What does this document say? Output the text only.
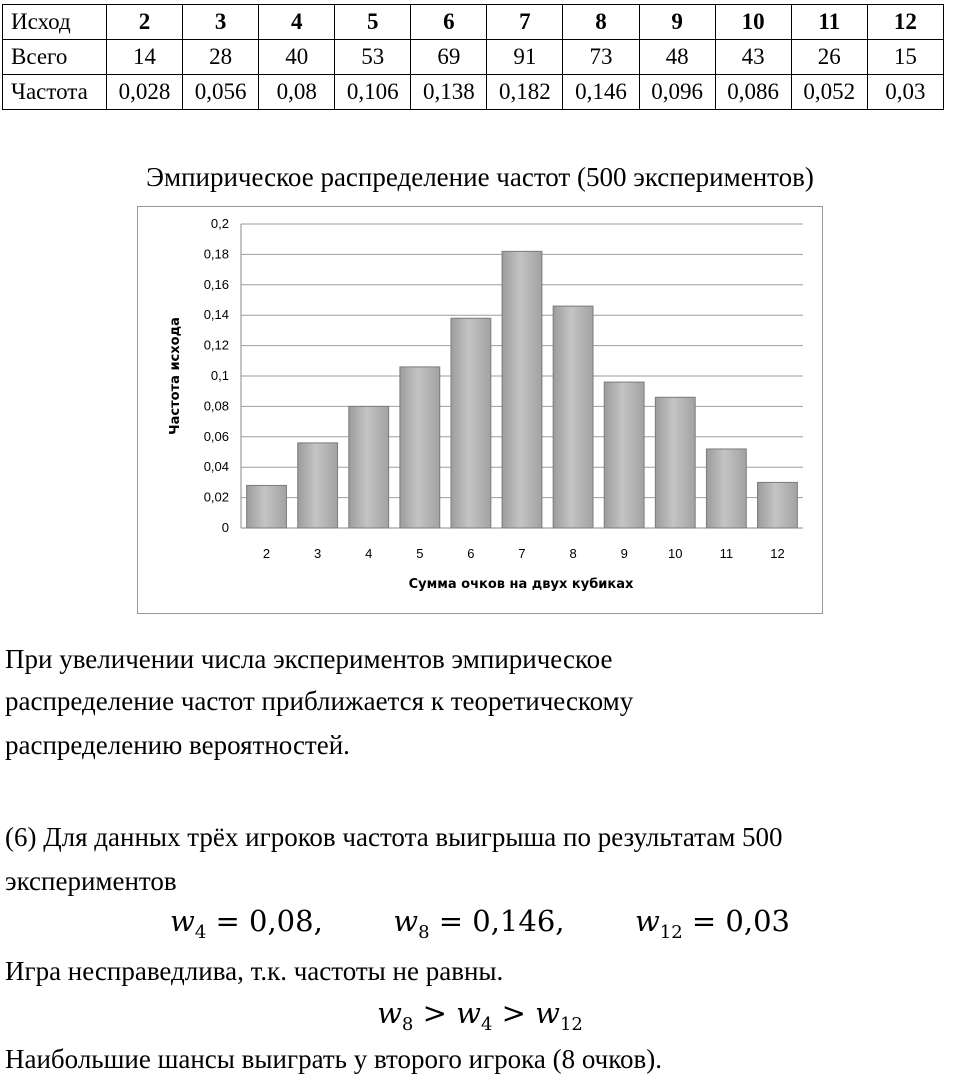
Исход	2	3	4	5	6	7	8	9	10	11	12
Всего	14	28	40	53	69	91	73	48	43	26	15
Частота	0,028	0,056	0,08	0,106	0,138	0,182	0,146	0,096	0,086	0,052	0,03
Эмпирическое распределение частот (500 экспериментов)
0
0,02
0,04
0,06
0,08
0,1
0,12
0,14
0,16
0,18
0,2
2	3	4	5	6	7	8	9	10	11	12
Сумма очков на двух кубиках
Частота исхода

При увеличении числа экспериментов эмпирическое

распределение частот приближается к теоретическому

распределению вероятностей.

(6) Для данных трёх игроков частота выигрыша по результатам 500

экспериментов

$w_4 = 0,08$, $w_8 = 0,146$, $w_{12} = 0,03$

Игра несправедлива, т.к. частоты не равны.

$w_8 > w_4 > w_{12}$

Наибольшие шансы выиграть у второго игрока (8 очков).
